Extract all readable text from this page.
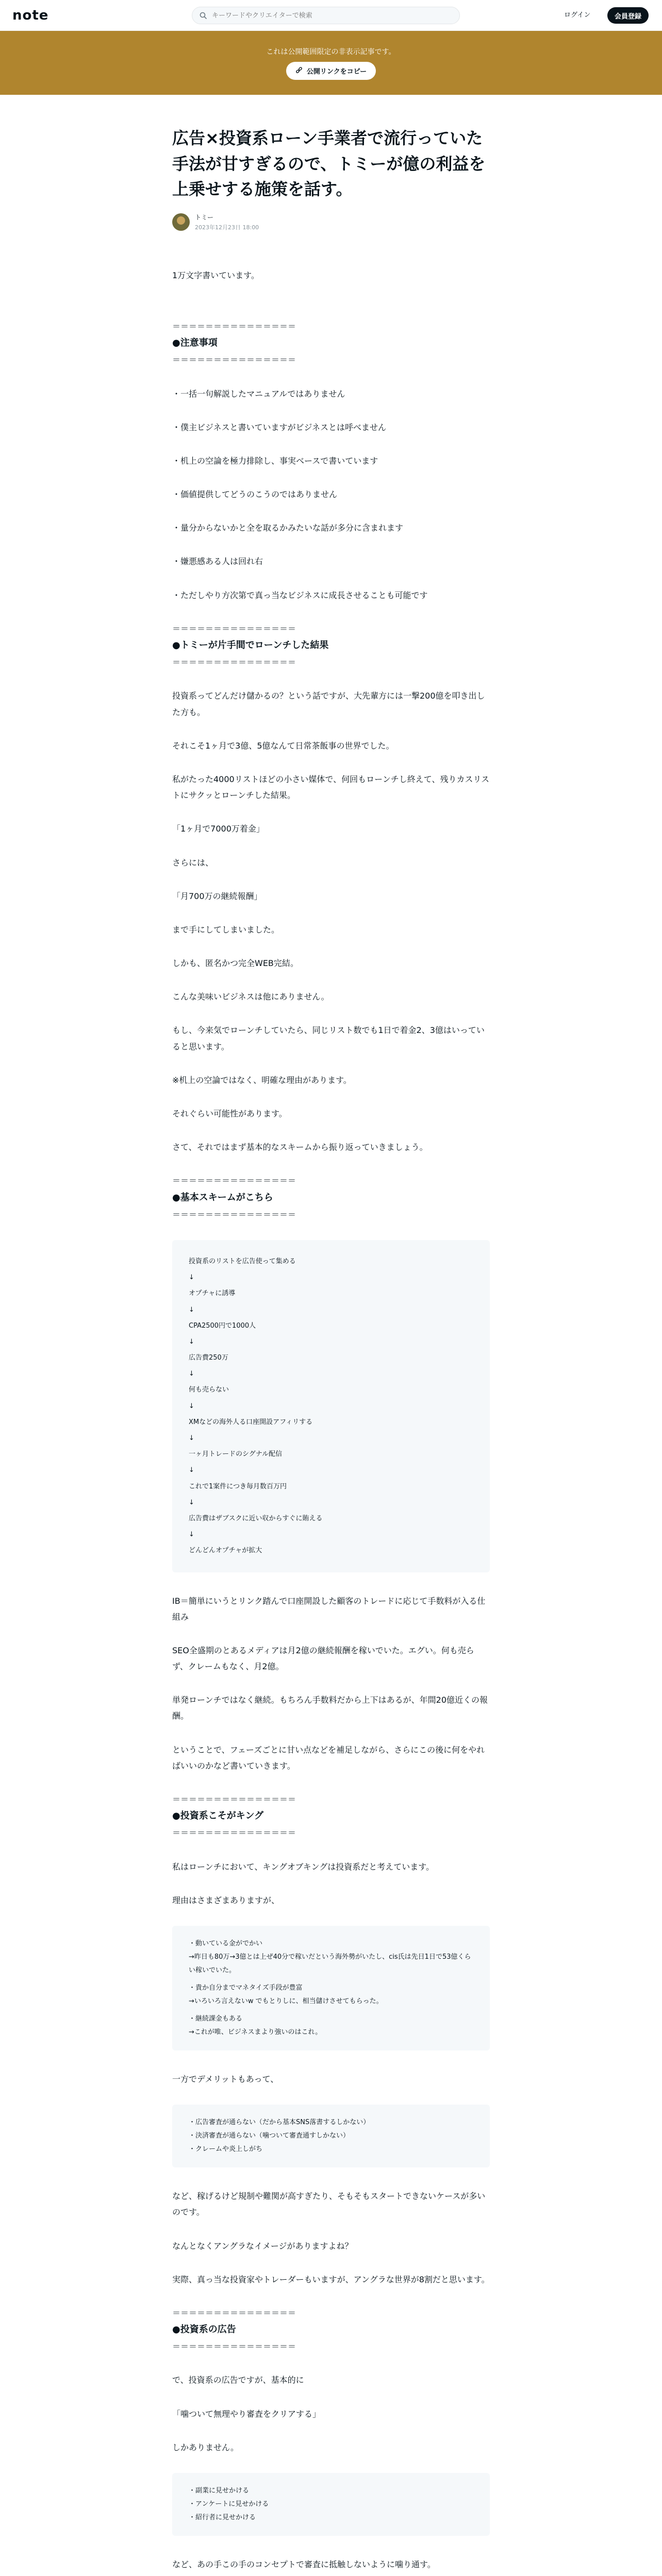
note
キーワードやクリエイターで検索	ログイン	会員登録
これは公開範囲限定の非表示記事です。
公開リンクをコピー
広告×投資系ローン手業者で流行っていた手法が甘すぎるので、トミーが億の利益を上乗せする施策を話す。
トミー
2023年12月23日 18:00

1万文字書いています。

＝＝＝＝＝＝＝＝＝＝＝＝＝＝＝
●注意事項
＝＝＝＝＝＝＝＝＝＝＝＝＝＝＝

・一括一句解説したマニュアルではありません

・僕主ビジネスと書いていますがビジネスとは呼べません

・机上の空論を極力排除し、事実ベースで書いています

・価値提供してどうのこうのではありません

・量分からないかと全を取るかみたいな話が多分に含まれます

・嫌悪感ある人は回れ右

・ただしやり方次第で真っ当なビジネスに成長させることも可能です

＝＝＝＝＝＝＝＝＝＝＝＝＝＝＝
●トミーが片手間でローンチした結果
＝＝＝＝＝＝＝＝＝＝＝＝＝＝＝

投資系ってどんだけ儲かるの？という話ですが、大先輩方には一撃200億を叩き出した方も。

それこそ1ヶ月で3億、5億なんて日常茶飯事の世界でした。

私がたった4000リストほどの小さい媒体で、何回もローンチし終えて、残りカスリストにサクッとローンチした結果。

「1ヶ月で7000万着金」

さらには、

「月700万の継続報酬」

まで手にしてしまいました。

しかも、匿名かつ完全WEB完結。

こんな美味いビジネスは他にありません。

もし、今来気でローンチしていたら、同じリスト数でも1日で着金2、3億はいっていると思います。

※机上の空論ではなく、明確な理由があります。

それぐらい可能性があります。

さて、それではまず基本的なスキームから振り返っていきましょう。

＝＝＝＝＝＝＝＝＝＝＝＝＝＝＝
●基本スキームがこちら
＝＝＝＝＝＝＝＝＝＝＝＝＝＝＝
投資系のリストを広告使って集める
↓
オプチャに誘導
↓
CPA2500円で1000人
↓
広告費250万
↓
何も売らない
↓
XMなどの海外人る口座開設アフィリする
↓
一ヶ月トレードのシグナル配信
↓
これで1案件につき毎月数百万円
↓
広告費はザブスクに近い収からすぐに賄える
↓
どんどんオプチャが拡大

IB＝簡単にいうとリンク踏んで口座開設した顧客のトレードに応じて手数料が入る仕組み

SEO全盛期のとあるメディアは月2億の継続報酬を稼いでいた。エグい。何も売らず、クレームもなく、月2億。

単発ローンチではなく継続。もちろん手数料だから上下はあるが、年間20億近くの報酬。

ということで、フェーズごとに甘い点などを補足しながら、さらにこの後に何をやればいいのかなど書いていきます。

＝＝＝＝＝＝＝＝＝＝＝＝＝＝＝
●投資系こそがキング
＝＝＝＝＝＝＝＝＝＝＝＝＝＝＝

私はローンチにおいて、キングオブキングは投資系だと考えています。

理由はさまざまありますが、

・動いている金がでかい
→昨日も80万→3億とは上ぜ40分で稼いだという海外勢がいたし、cis氏は先日1日で53億くらい稼いでいた。
・貴か自分までマネタイズ手段が豊富
→いろいろ言えないw でもとりしに、相当儲けさせてもらった。
・継続課金もある
→これが唯、ビジネスまより強いのはこれ。

一方でデメリットもあって、

・広告審査が通らない（だから基本SNS落書するしかない）
・決済審査が通らない（噛ついて審査通すしかない）
・クレームや炎上しがち

など、稼げるけど規制や難関が高すぎたり、そもそもスタートできないケースが多いのです。

なんとなくアングラなイメージがありますよね？

実際、真っ当な投資家やトレーダーもいますが、アングラな世界が8割だと思います。

＝＝＝＝＝＝＝＝＝＝＝＝＝＝＝
●投資系の広告
＝＝＝＝＝＝＝＝＝＝＝＝＝＝＝

で、投資系の広告ですが、基本的に

「噛ついて無理やり審査をクリアする」

しかありません。

・副業に見せかける
・アンケートに見せかける
・紹行者に見せかける

など、あの手この手のコンセプトで審査に抵触しないように噛り通す。
